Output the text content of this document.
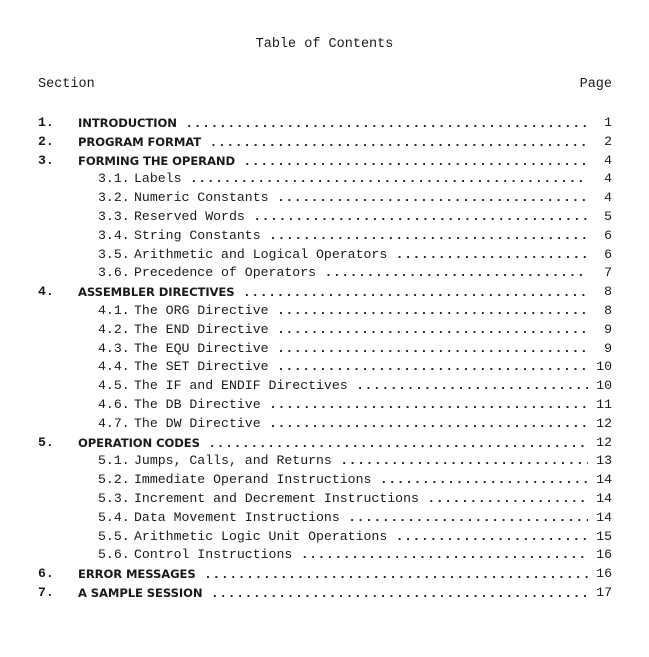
Table of Contents
Section	Page
1. INTRODUCTION .....	1
2. PROGRAM FORMAT .....	2
3. FORMING THE OPERAND .....	4
3.1. Labels .....	4
3.2. Numeric Constants .....	4
3.3. Reserved Words .....	5
3.4. String Constants .....	6
3.5. Arithmetic and Logical Operators .....	6
3.6. Precedence of Operators .....	7
4. ASSEMBLER DIRECTIVES .....	8
4.1. The ORG Directive .....	8
4.2. The END Directive .....	9
4.3. The EQU Directive .....	9
4.4. The SET Directive .....	10
4.5. The IF and ENDIF Directives .....	10
4.6. The DB Directive .....	11
4.7. The DW Directive .....	12
5. OPERATION CODES .....	12
5.1. Jumps, Calls, and Returns .....	13
5.2. Immediate Operand Instructions .....	14
5.3. Increment and Decrement Instructions .....	14
5.4. Data Movement Instructions .....	14
5.5. Arithmetic Logic Unit Operations .....	15
5.6. Control Instructions .....	16
6. ERROR MESSAGES .....	16
7. A SAMPLE SESSION .....	17
